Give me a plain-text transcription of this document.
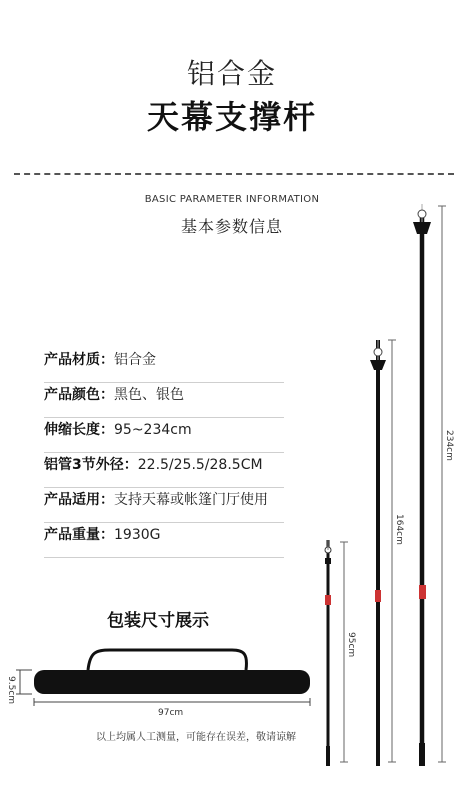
铝合金
天幕支撑杆
BASIC PARAMETER INFORMATION
基本参数信息
产品材质：铝合金
产品颜色：黑色、银色
伸缩长度：95~234cm
铝管3节外径：22.5/25.5/28.5CM
产品适用：支持天幕或帐篷门厅使用
产品重量：1930G
包装尺寸展示
9.5cm
97cm
以上均属人工测量，可能存在误差，敬请谅解
95cm
164cm
234cm
